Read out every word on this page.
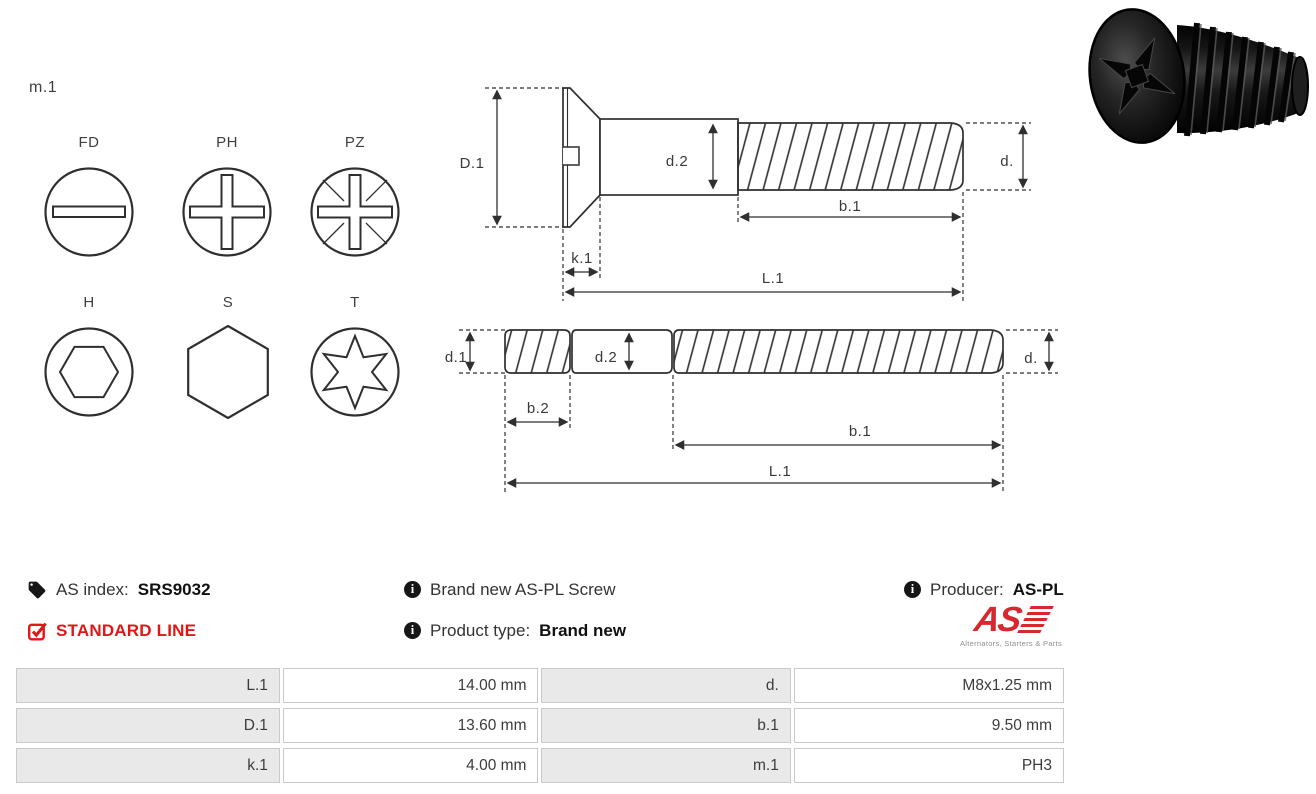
m.1
FD	PH	PZ
H	S	T
D.1	d.2	d.
b.1
k.1
L.1
d.1	d.2	d.
b.2
b.1
L.1
AS index: SRS9032	i Brand new AS-PL Screw	i Producer: AS-PL
STANDARD LINE	i Product type: Brand new	AS
Alternators, Starters & Parts
L.1	14.00 mm	d.	M8x1.25 mm
D.1	13.60 mm	b.1	9.50 mm
k.1	4.00 mm	m.1	PH3
